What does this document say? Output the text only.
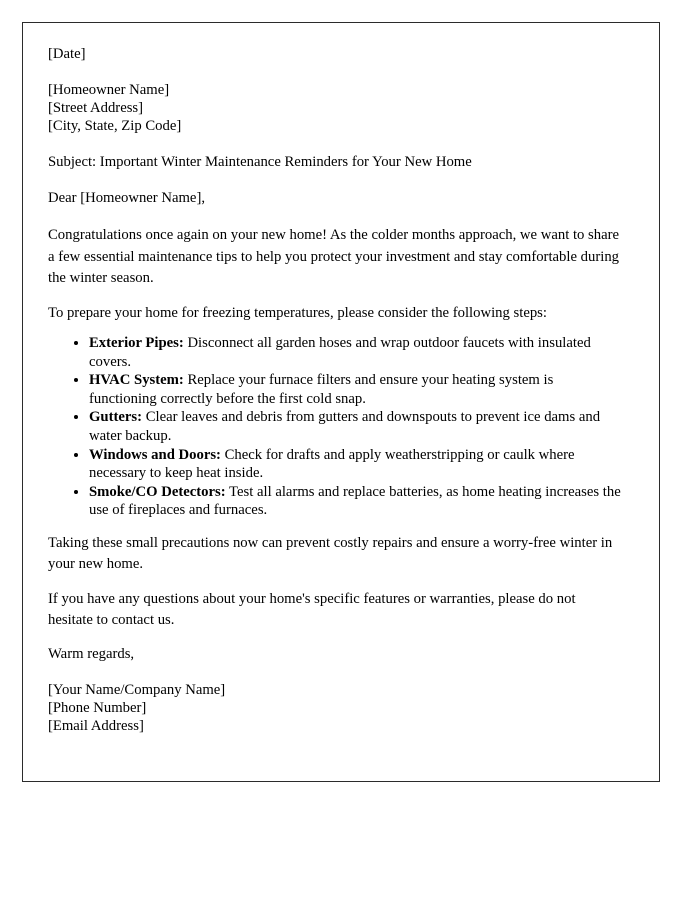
[Date]
[Homeowner Name]
[Street Address]
[City, State, Zip Code]
Subject: Important Winter Maintenance Reminders for Your New Home
Dear [Homeowner Name],
Congratulations once again on your new home! As the colder months approach, we want to share a few essential maintenance tips to help you protect your investment and stay comfortable during the winter season.
To prepare your home for freezing temperatures, please consider the following steps:
• Exterior Pipes: Disconnect all garden hoses and wrap outdoor faucets with insulated covers.
• HVAC System: Replace your furnace filters and ensure your heating system is functioning correctly before the first cold snap.
• Gutters: Clear leaves and debris from gutters and downspouts to prevent ice dams and water backup.
• Windows and Doors: Check for drafts and apply weatherstripping or caulk where necessary to keep heat inside.
• Smoke/CO Detectors: Test all alarms and replace batteries, as home heating increases the use of fireplaces and furnaces.
Taking these small precautions now can prevent costly repairs and ensure a worry-free winter in your new home.
If you have any questions about your home's specific features or warranties, please do not hesitate to contact us.
Warm regards,
[Your Name/Company Name]
[Phone Number]
[Email Address]
